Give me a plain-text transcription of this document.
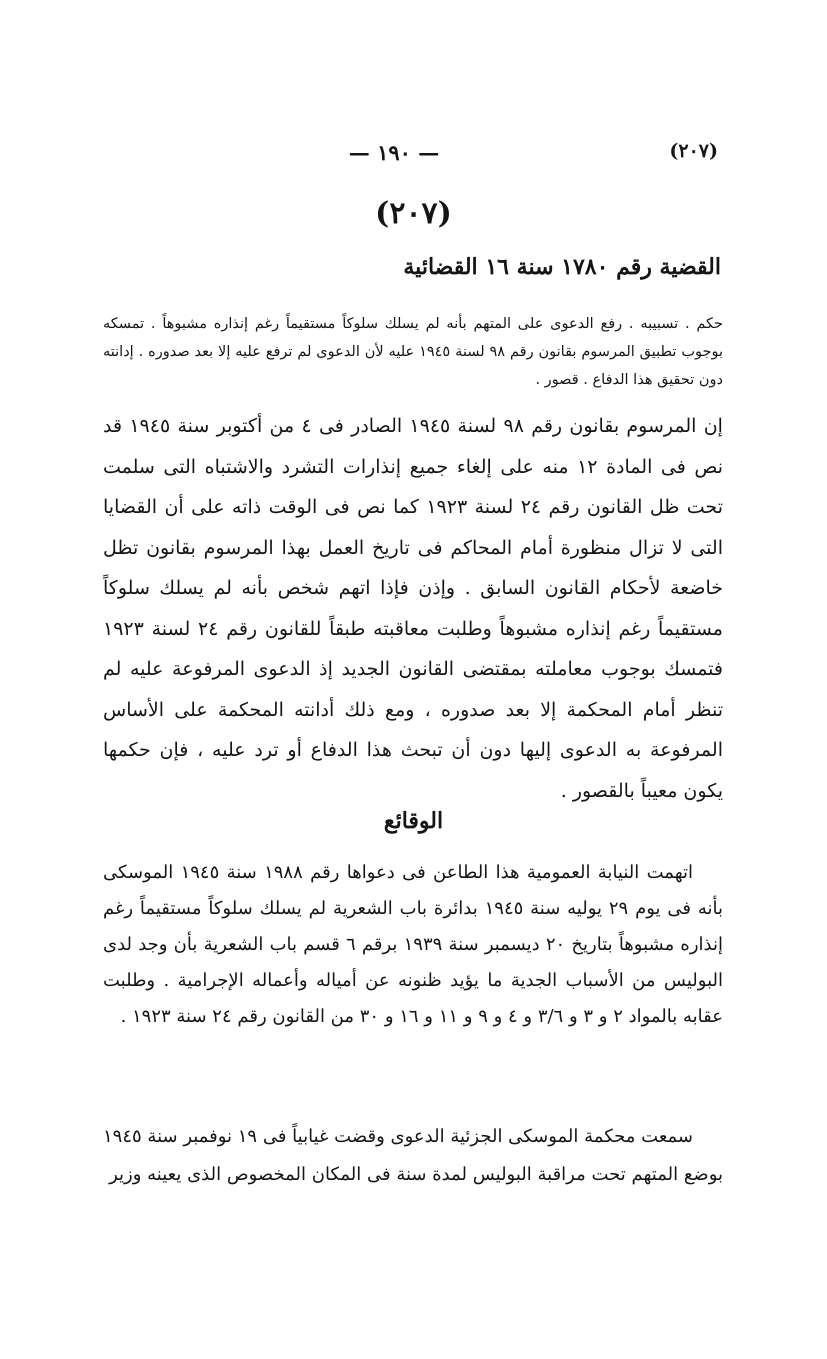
— ١٩٠ —	(٢٠٧)
(٢٠٧)
القضية رقم ١٧٨٠ سنة ١٦ القضائية

حكم . تسبيبه . رفع الدعوى على المتهم بأنه لم يسلك سلوكاً مستقيماً رغم إنذاره مشبوهاً . تمسكه بوجوب تطبيق المرسوم بقانون رقم ٩٨ لسنة ١٩٤٥ عليه لأن الدعوى لم ترفع عليه إلا بعد صدوره . إدانته دون تحقيق هذا الدفاع . قصور .

إن المرسوم بقانون رقم ٩٨ لسنة ١٩٤٥ الصادر فى ٤ من أكتوبر سنة ١٩٤٥ قد نص فى المادة ١٢ منه على إلغاء جميع إنذارات التشرد والاشتباه التى سلمت تحت ظل القانون رقم ٢٤ لسنة ١٩٢٣ كما نص فى الوقت ذاته على أن القضايا التى لا تزال منظورة أمام المحاكم فى تاريخ العمل بهذا المرسوم بقانون تظل خاضعة لأحكام القانون السابق . وإذن فإذا اتهم شخص بأنه لم يسلك سلوكاً مستقيماً رغم إنذاره مشبوهاً وطلبت معاقبته طبقاً للقانون رقم ٢٤ لسنة ١٩٢٣ فتمسك بوجوب معاملته بمقتضى القانون الجديد إذ الدعوى المرفوعة عليه لم تنظر أمام المحكمة إلا بعد صدوره ، ومع ذلك أدانته المحكمة على الأساس المرفوعة به الدعوى إليها دون أن تبحث هذا الدفاع أو ترد عليه ، فإن حكمها يكون معيباً بالقصور .

الوقائع

اتهمت النيابة العمومية هذا الطاعن فى دعواها رقم ١٩٨٨ سنة ١٩٤٥ الموسكى بأنه فى يوم ٢٩ يوليه سنة ١٩٤٥ بدائرة باب الشعرية لم يسلك سلوكاً مستقيماً رغم إنذاره مشبوهاً بتاريخ ٢٠ ديسمبر سنة ١٩٣٩ برقم ٦ قسم باب الشعرية بأن وجد لدى البوليس من الأسباب الجدية ما يؤيد ظنونه عن أمياله وأعماله الإجرامية . وطلبت عقابه بالمواد ٢ و ٣ و ٣/٦ و ٤ و ٩ و ١١ و ١٦ و ٣٠ من القانون رقم ٢٤ سنة ١٩٢٣ .

سمعت محكمة الموسكى الجزئية الدعوى وقضت غيابياً فى ١٩ نوفمبر سنة ١٩٤٥ بوضع المتهم تحت مراقبة البوليس لمدة سنة فى المكان المخصوص الذى يعينه وزير
